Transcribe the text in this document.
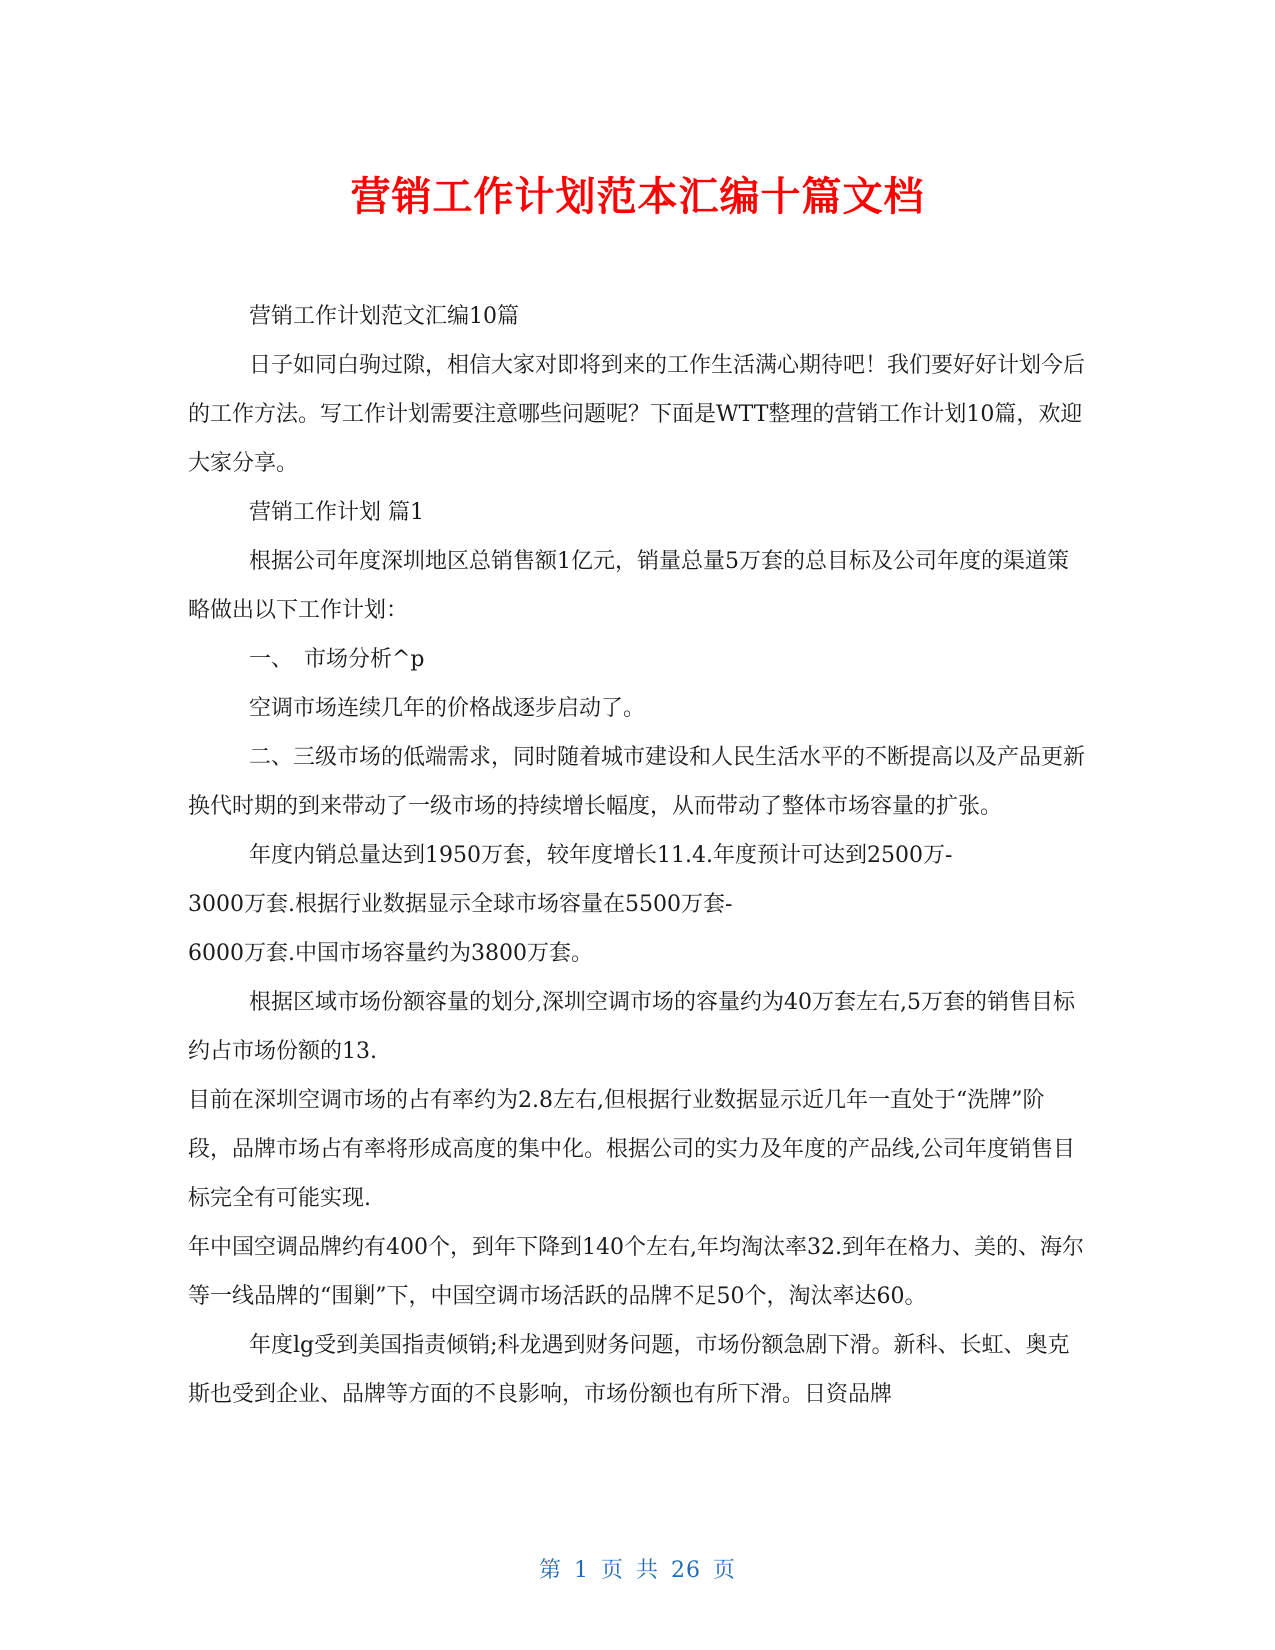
营销工作计划范本汇编十篇文档

营销工作计划范文汇编10篇

日子如同白驹过隙，相信大家对即将到来的工作生活满心期待吧！我们要好好计划今后的工作方法。写工作计划需要注意哪些问题呢？下面是WTT整理的营销工作计划10篇，欢迎大家分享。

营销工作计划 篇1

根据公司年度深圳地区总销售额1亿元，销量总量5万套的总目标及公司年度的渠道策略做出以下工作计划：

一、　市场分析^p

空调市场连续几年的价格战逐步启动了。

二、三级市场的低端需求，同时随着城市建设和人民生活水平的不断提高以及产品更新换代时期的到来带动了一级市场的持续增长幅度，从而带动了整体市场容量的扩张。

年度内销总量达到1950万套，较年度增长11.4.年度预计可达到2500万-

3000万套.根据行业数据显示全球市场容量在5500万套-

6000万套.中国市场容量约为3800万套。

根据区域市场份额容量的划分,深圳空调市场的容量约为40万套左右,5万套的销售目标约占市场份额的13.

目前在深圳空调市场的占有率约为2.8左右,但根据行业数据显示近几年一直处于“洗牌”阶段，品牌市场占有率将形成高度的集中化。根据公司的实力及年度的产品线,公司年度销售目标完全有可能实现.

年中国空调品牌约有400个，到年下降到140个左右,年均淘汰率32.到年在格力、美的、海尔等一线品牌的“围剿”下，中国空调市场活跃的品牌不足50个，淘汰率达60。

年度lg受到美国指责倾销;科龙遇到财务问题，市场份额急剧下滑。新科、长虹、奥克斯也受到企业、品牌等方面的不良影响，市场份额也有所下滑。日资品牌

第 1 页 共 26 页
